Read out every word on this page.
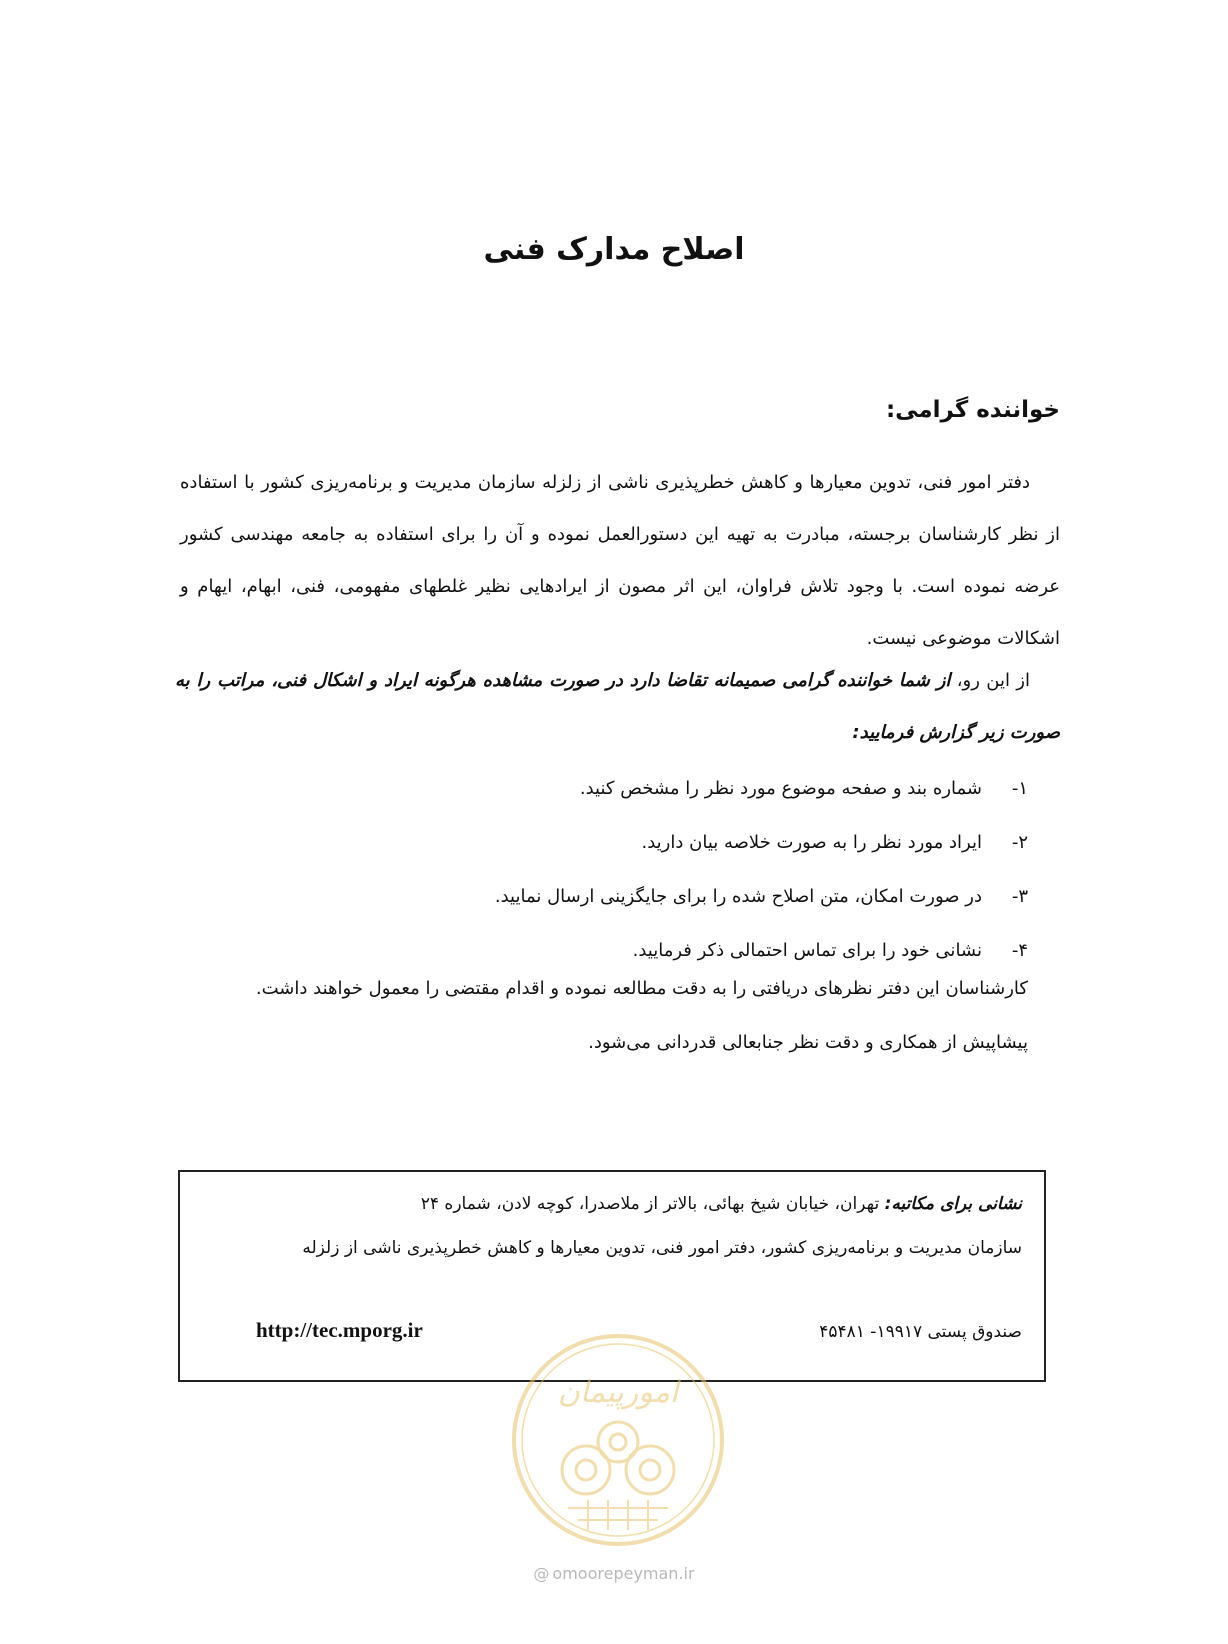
اصلاح مدارک فنی
خواننده گرامی:
دفتر امور فنی، تدوین معیارها و کاهش خطرپذیری ناشی از زلزله سازمان مدیریت و برنامه‌ریزی کشور با استفاده از نظر کارشناسان برجسته، مبادرت به تهیه این دستورالعمل نموده و آن را برای استفاده به جامعه مهندسی کشور عرضه نموده است. با وجود تلاش فراوان، این اثر مصون از ایرادهایی نظیر غلطهای مفهومی، فنی، ابهام، ایهام و اشکالات موضوعی نیست.
از این رو، از شما خواننده گرامی صمیمانه تقاضا دارد در صورت مشاهده هرگونه ایراد و اشکال فنی، مراتب را به صورت زیر گزارش فرمایید:
۱-شماره بند و صفحه موضوع مورد نظر را مشخص کنید.
۲-ایراد مورد نظر را به صورت خلاصه بیان دارید.
۳-در صورت امکان، متن اصلاح شده را برای جایگزینی ارسال نمایید.
۴-نشانی خود را برای تماس احتمالی ذکر فرمایید.
کارشناسان این دفتر نظرهای دریافتی را به دقت مطالعه نموده و اقدام مقتضی را معمول خواهند داشت.
پیشاپیش از همکاری و دقت نظر جنابعالی قدردانی می‌شود.
نشانی برای مکاتبه: تهران، خیابان شیخ بهائی، بالاتر از ملاصدرا، کوچه لادن، شماره ۲۴
سازمان مدیریت و برنامه‌ریزی کشور، دفتر امور فنی، تدوین معیارها و کاهش خطرپذیری ناشی از زلزله
صندوق پستی ۱۹۹۱۷- ۴۵۴۸۱
http://tec.mporg.ir
امورپیمان
@ omoorepeyman.ir
